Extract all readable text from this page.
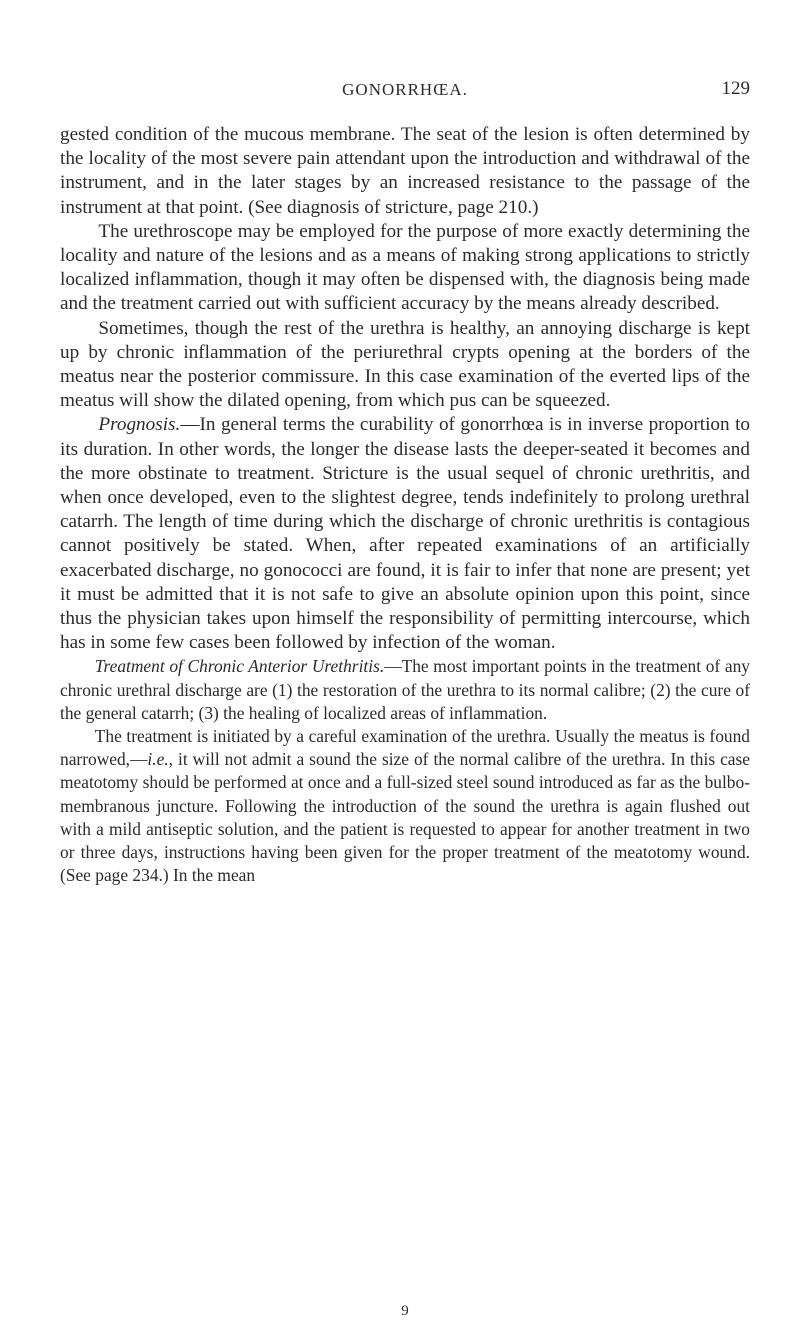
GONORRHŒA.	129

gested condition of the mucous membrane. The seat of the lesion is often determined by the locality of the most severe pain attendant upon the introduction and withdrawal of the instrument, and in the later stages by an increased resistance to the passage of the instrument at that point. (See diagnosis of stricture, page 210.)

The urethroscope may be employed for the purpose of more exactly determining the locality and nature of the lesions and as a means of making strong applications to strictly localized inflammation, though it may often be dispensed with, the diagnosis being made and the treatment carried out with sufficient accuracy by the means already described.

Sometimes, though the rest of the urethra is healthy, an annoying discharge is kept up by chronic inflammation of the periurethral crypts opening at the borders of the meatus near the posterior commissure. In this case examination of the everted lips of the meatus will show the dilated opening, from which pus can be squeezed.

Prognosis.—In general terms the curability of gonorrhœa is in inverse proportion to its duration. In other words, the longer the disease lasts the deeper-seated it becomes and the more obstinate to treatment. Stricture is the usual sequel of chronic urethritis, and when once developed, even to the slightest degree, tends indefinitely to prolong urethral catarrh. The length of time during which the discharge of chronic urethritis is contagious cannot positively be stated. When, after repeated examinations of an artificially exacerbated discharge, no gonococci are found, it is fair to infer that none are present; yet it must be admitted that it is not safe to give an absolute opinion upon this point, since thus the physician takes upon himself the responsibility of permitting intercourse, which has in some few cases been followed by infection of the woman.

Treatment of Chronic Anterior Urethritis.—The most important points in the treatment of any chronic urethral discharge are (1) the restoration of the urethra to its normal calibre; (2) the cure of the general catarrh; (3) the healing of localized areas of inflammation.

The treatment is initiated by a careful examination of the urethra. Usually the meatus is found narrowed,—i.e., it will not admit a sound the size of the normal calibre of the urethra. In this case meatotomy should be performed at once and a full-sized steel sound introduced as far as the bulbo-membranous juncture. Following the introduction of the sound the urethra is again flushed out with a mild antiseptic solution, and the patient is requested to appear for another treatment in two or three days, instructions having been given for the proper treatment of the meatotomy wound. (See page 234.) In the mean

9
